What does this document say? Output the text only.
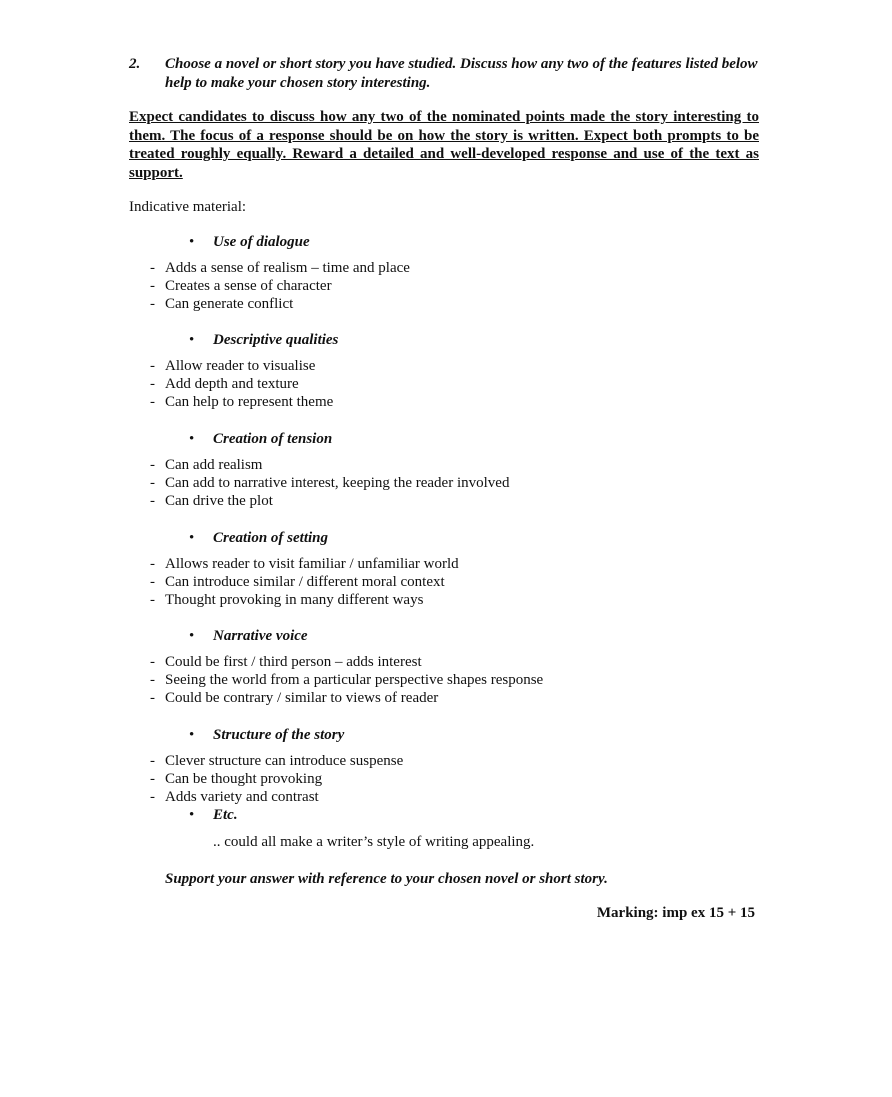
2. Choose a novel or short story you have studied. Discuss how any two of the features listed below help to make your chosen story interesting.
Expect candidates to discuss how any two of the nominated points made the story interesting to them. The focus of a response should be on how the story is written. Expect both prompts to be treated roughly equally. Reward a detailed and well-developed response and use of the text as support.
Indicative material:
• Use of dialogue
- Adds a sense of realism – time and place
- Creates a sense of character
- Can generate conflict
• Descriptive qualities
- Allow reader to visualise
- Add depth and texture
- Can help to represent theme
• Creation of tension
- Can add realism
- Can add to narrative interest, keeping the reader involved
- Can drive the plot
• Creation of setting
- Allows reader to visit familiar / unfamiliar world
- Can introduce similar / different moral context
- Thought provoking in many different ways
• Narrative voice
- Could be first / third person – adds interest
- Seeing the world from a particular perspective shapes response
- Could be contrary / similar to views of reader
• Structure of the story
- Clever structure can introduce suspense
- Can be thought provoking
- Adds variety and contrast
• Etc.
.. could all make a writer’s style of writing appealing.
Support your answer with reference to your chosen novel or short story.
Marking: imp ex 15 + 15
